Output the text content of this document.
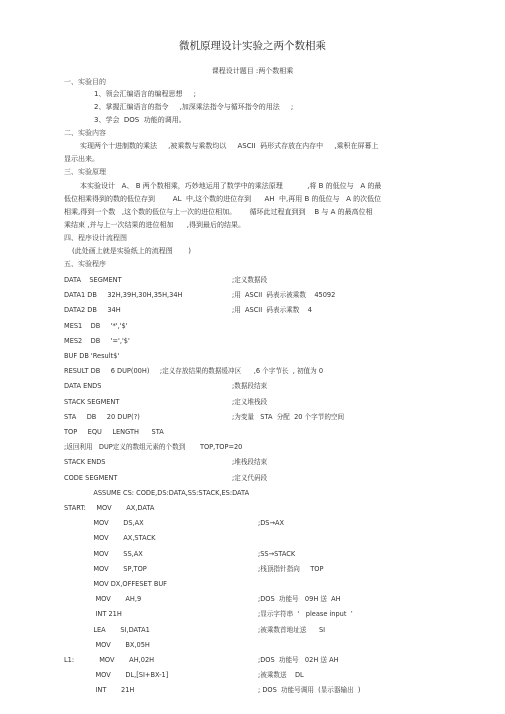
微机原理设计实验之两个数相乘
课程设计题目 :两个数相乘
一、实验目的
1、领会汇编语言的编程思想     ;
2、掌握汇编语言的指令     ,加深乘法指令与循环指令的用法     ;
3、学会  DOS  功能的调用。
二、实验内容
实现两个十进制数的乘法     ,被乘数与乘数均以     ASCII  码形式存放在内存中     ,乘积在屏幕上
显示出来。
三、实验原理
本实验设计   A、 B 两个数相乘，巧妙地运用了数学中的乘法原理           ,将 B 的低位与   A 的最
低位相乘得到的数的低位存到        AL  中,这个数的进位存到      AH  中,再用 B 的低位与   A 的次低位
相乘,得到一个数   ,这个数的低位与上一次的进位相加。      循环此过程直到到    B 与 A 的最高位相
乘结束 ,并与上一次结果的进位相加      ,得到最后的结果。
四、程序设计流程图
(此处画上就是实验纸上的流程图       )
五、实验程序
DATA    SEGMENT	;定义数据段
DATA1 DB     32H,39H,30H,35H,34H	;用  ASCII  码表示被乘数    45092
DATA2 DB     34H	;用  ASCII  码表示乘数    4
MES1    DB     '*','$'
MES2    DB     '=','$'
BUF DB 'Result$'
RESULT DB     6 DUP(00H)     ;定义存放结果的数据缓冲区      ,6 个字节长  , 初值为 0
DATA ENDS	;数据段结束
STACK SEGMENT	;定义堆栈段
STA     DB     20 DUP(?)	;为变量   STA  分配  20 个字节的空间
TOP     EQU     LENGTH      STA
;返回利用   DUP定义的数组元素的个数到       TOP,TOP=20
STACK ENDS	;堆栈段结束
CODE SEGMENT	;定义代码段
ASSUME CS: CODE,DS:DATA,SS:STACK,ES:DATA
START:     MOV       AX,DATA
MOV       DS,AX	;DS→AX
MOV       AX,STACK
MOV       SS,AX	;SS→STACK
MOV       SP,TOP	;栈顶指针指向     TOP
MOV DX,OFFESET BUF
MOV       AH,9	;DOS  功能号   09H 送  AH
INT 21H	;显示字符串  ‘   please input  ’
LEA       SI,DATA1	;被乘数首地址送      SI
MOV       BX,05H
L1:            MOV       AH,02H	;DOS  功能号   02H 送 AH
MOV       DL,[SI+BX-1]	;被乘数送    DL
INT       21H	; DOS  功能号调用  (显示器输出  )
